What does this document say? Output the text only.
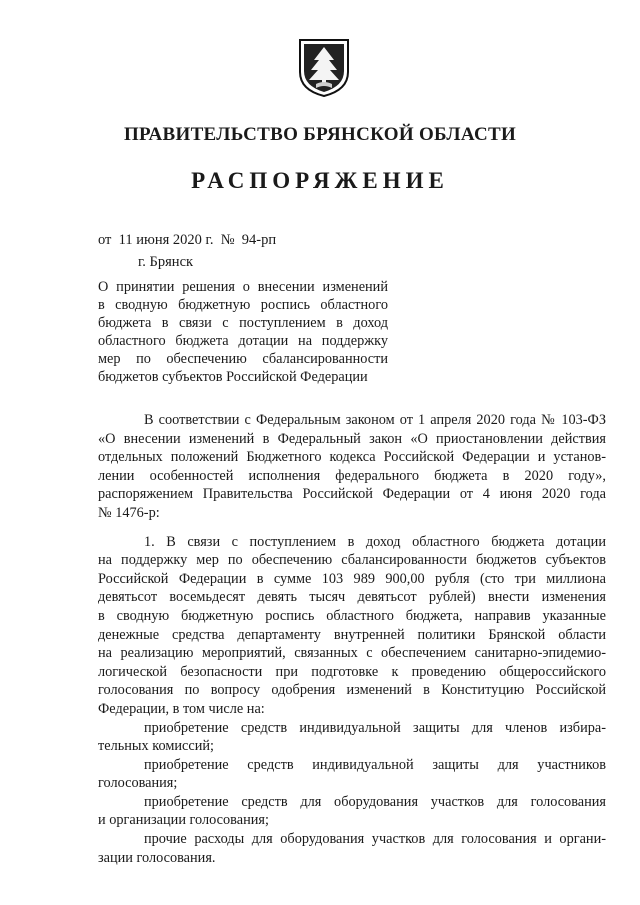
ПРАВИТЕЛЬСТВО БРЯНСКОЙ ОБЛАСТИ
РАСПОРЯЖЕНИЕ
от  11 июня 2020 г.  №  94-рп
г. Брянск
О принятии решения о внесении изменений
в сводную бюджетную роспись областного
бюджета в связи с поступлением в доход
областного бюджета дотации на поддержку
мер по обеспечению сбалансированности
бюджетов субъектов Российской Федерации
В соответствии с Федеральным законом от 1 апреля 2020 года № 103-ФЗ
«О внесении изменений в Федеральный закон «О приостановлении действия
отдельных положений Бюджетного кодекса Российской Федерации и установ-
лении особенностей исполнения федерального бюджета в 2020 году»,
распоряжением Правительства Российской Федерации от 4 июня 2020 года
№ 1476-р:
1. В связи с поступлением в доход областного бюджета дотации
на поддержку мер по обеспечению сбалансированности бюджетов субъектов
Российской Федерации в сумме 103 989 900,00 рубля (сто три миллиона
девятьсот восемьдесят девять тысяч девятьсот рублей) внести изменения
в сводную бюджетную роспись областного бюджета, направив указанные
денежные средства департаменту внутренней политики Брянской области
на реализацию мероприятий, связанных с обеспечением санитарно-эпидемио-
логической безопасности при подготовке к проведению общероссийского
голосования по вопросу одобрения изменений в Конституцию Российской
Федерации, в том числе на:
приобретение средств индивидуальной защиты для членов избира-
тельных комиссий;
приобретение средств индивидуальной защиты для участников
голосования;
приобретение средств для оборудования участков для голосования
и организации голосования;
прочие расходы для оборудования участков для голосования и органи-
зации голосования.
